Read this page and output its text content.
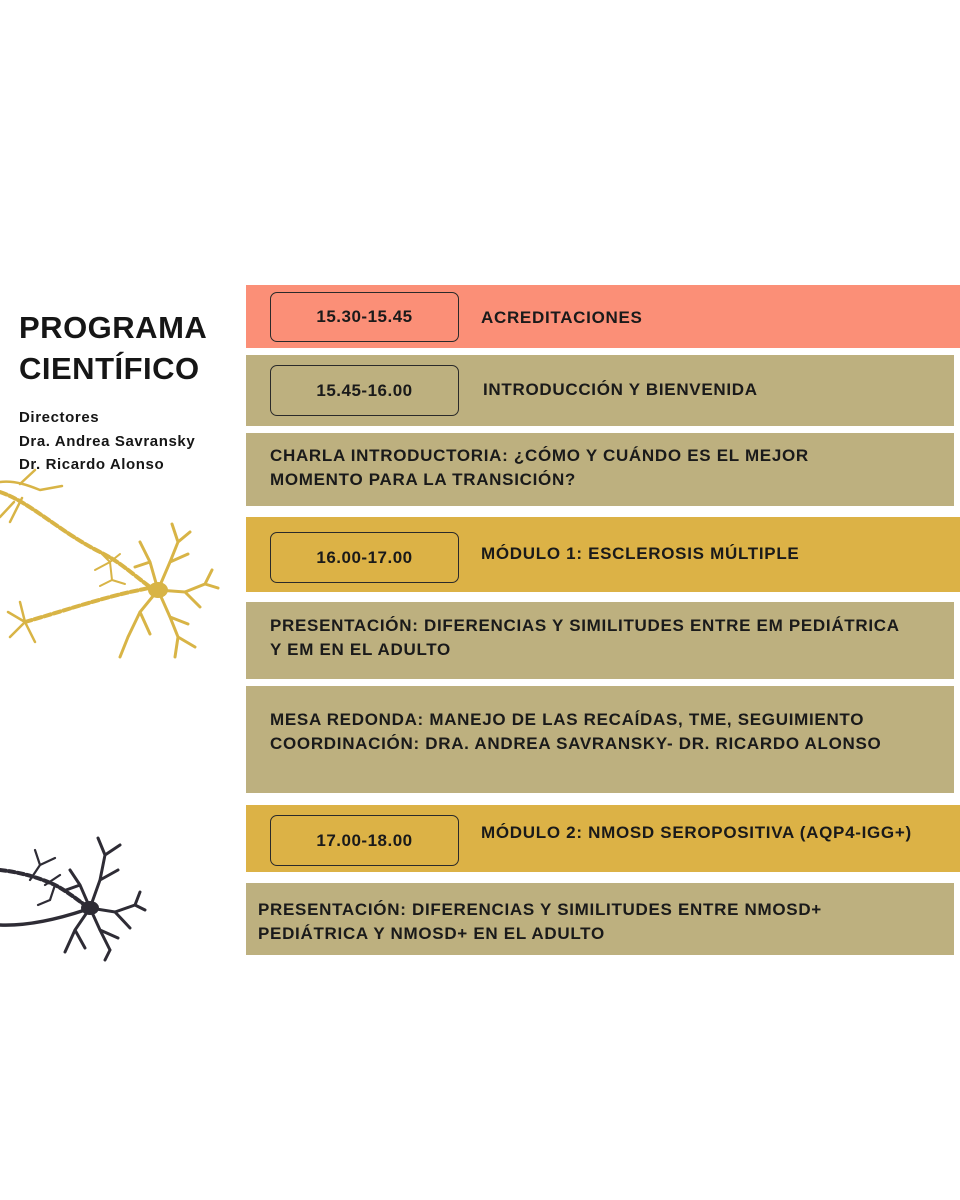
PROGRAMA
CIENTÍFICO
Directores
Dra. Andrea Savransky
Dr. Ricardo Alonso
15.30-15.45	ACREDITACIONES

15.45-16.00	INTRODUCCIÓN Y BIENVENIDA

CHARLA INTRODUCTORIA: ¿CÓMO Y CUÁNDO ES EL MEJOR
MOMENTO PARA LA TRANSICIÓN?

16.00-17.00	MÓDULO 1: ESCLEROSIS MÚLTIPLE

PRESENTACIÓN: DIFERENCIAS Y SIMILITUDES ENTRE EM PEDIÁTRICA
Y EM EN EL ADULTO

MESA REDONDA: MANEJO DE LAS RECAÍDAS, TME, SEGUIMIENTO
COORDINACIÓN: DRA. ANDREA SAVRANSKY- DR. RICARDO ALONSO

17.00-18.00	MÓDULO 2: NMOSD SEROPOSITIVA (AQP4-IGG+)

PRESENTACIÓN: DIFERENCIAS Y SIMILITUDES ENTRE NMOSD+
PEDIÁTRICA Y NMOSD+ EN EL ADULTO
